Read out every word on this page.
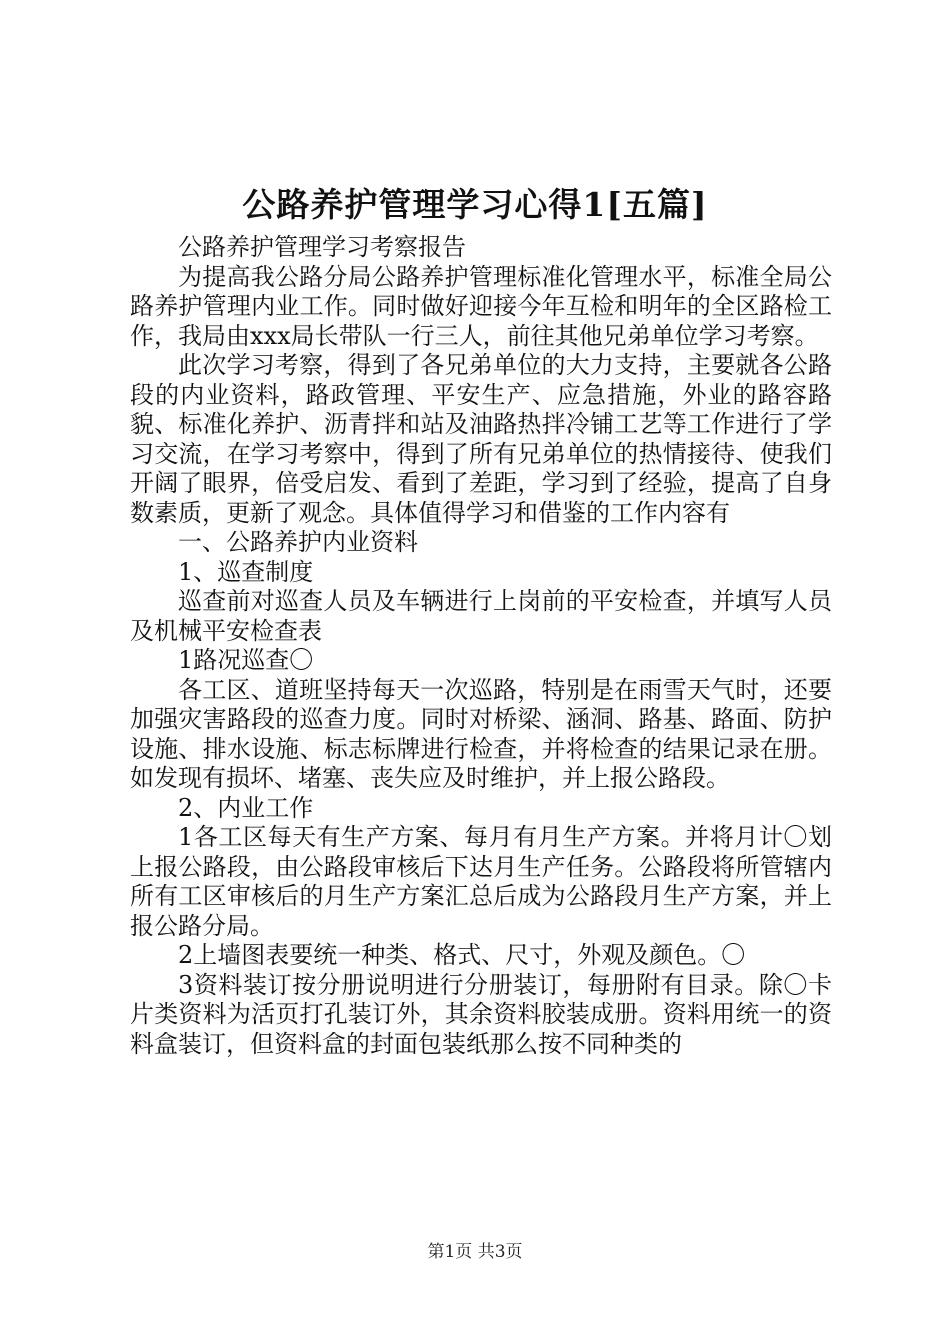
公路养护管理学习心得1[五篇]

公路养护管理学习考察报告

为提高我公路分局公路养护管理标准化管理水平，标准全局公路养护管理内业工作。同时做好迎接今年互检和明年的全区路检工作，我局由xxx局长带队一行三人，前往其他兄弟单位学习考察。

此次学习考察，得到了各兄弟单位的大力支持，主要就各公路段的内业资料，路政管理、平安生产、应急措施，外业的路容路貌、标准化养护、沥青拌和站及油路热拌冷铺工艺等工作进行了学习交流，在学习考察中，得到了所有兄弟单位的热情接待、使我们开阔了眼界，倍受启发、看到了差距，学习到了经验，提高了自身数素质，更新了观念。具体值得学习和借鉴的工作内容有

一、公路养护内业资料

1、巡查制度

巡查前对巡查人员及车辆进行上岗前的平安检查，并填写人员及机械平安检查表

1路况巡查〇

各工区、道班坚持每天一次巡路，特别是在雨雪天气时，还要加强灾害路段的巡查力度。同时对桥梁、涵洞、路基、路面、防护设施、排水设施、标志标牌进行检查，并将检查的结果记录在册。如发现有损坏、堵塞、丧失应及时维护，并上报公路段。

2、内业工作

1各工区每天有生产方案、每月有月生产方案。并将月计〇划上报公路段，由公路段审核后下达月生产任务。公路段将所管辖内所有工区审核后的月生产方案汇总后成为公路段月生产方案，并上报公路分局。

2上墙图表要统一种类、格式、尺寸，外观及颜色。〇

3资料装订按分册说明进行分册装订，每册附有目录。除〇卡片类资料为活页打孔装订外，其余资料胶装成册。资料用统一的资料盒装订，但资料盒的封面包装纸那么按不同种类的

第1页 共3页
